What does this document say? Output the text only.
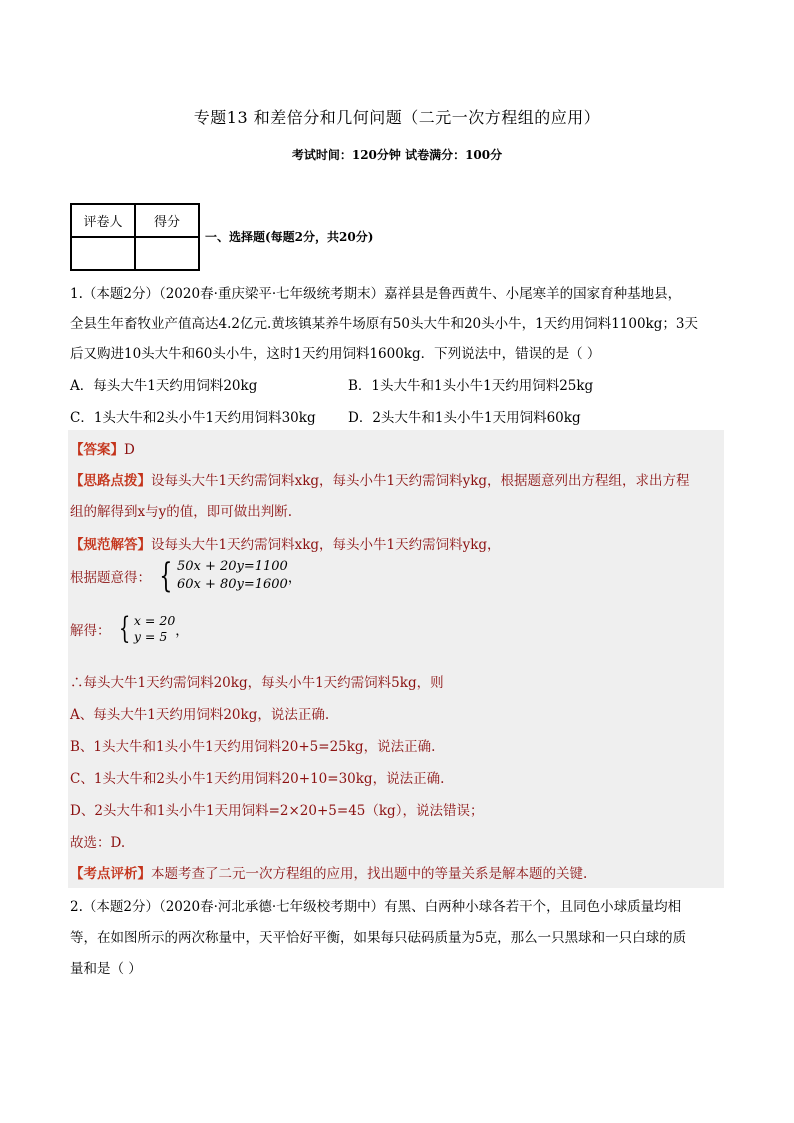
专题13 和差倍分和几何问题（二元一次方程组的应用）
考试时间：120分钟 试卷满分：100分
评卷人	得分

一、选择题(每题2分，共20分)
1.（本题2分）（2020春·重庆梁平·七年级统考期末）嘉祥县是鲁西黄牛、小尾寒羊的国家育种基地县，
全县生年畜牧业产值高达4.2亿元.黄垓镇某养牛场原有50头大牛和20头小牛，1天约用饲料1100kg；3天
后又购进10头大牛和60头小牛，这时1天约用饲料1600kg．下列说法中，错误的是（ ）
A．每头大牛1天约用饲料20kg	B．1头大牛和1头小牛1天约用饲料25kg
C．1头大牛和2头小牛1天约用饲料30kg D．2头大牛和1头小牛1天用饲料60kg
【答案】D
【思路点拨】设每头大牛1天约需饲料xkg，每头小牛1天约需饲料ykg，根据题意列出方程组，求出方程
组的解得到x与y的值，即可做出判断.
【规范解答】设每头大牛1天约需饲料xkg，每头小牛1天约需饲料ykg，
根据题意得： { 50x + 20y=1100
60x + 80y=1600 ，
解得： { x = 20
y = 5 ，
∴每头大牛1天约需饲料20kg，每头小牛1天约需饲料5kg，则
A、每头大牛1天约用饲料20kg，说法正确.
B、1头大牛和1头小牛1天约用饲料20+5=25kg，说法正确.
C、1头大牛和2头小牛1天约用饲料20+10=30kg，说法正确.
D、2头大牛和1头小牛1天用饲料=2×20+5=45（kg），说法错误；
故选：D.
【考点评析】本题考查了二元一次方程组的应用，找出题中的等量关系是解本题的关键.
2.（本题2分）（2020春·河北承德·七年级校考期中）有黑、白两种小球各若干个，且同色小球质量均相
等，在如图所示的两次称量中，天平恰好平衡，如果每只砝码质量为5克，那么一只黑球和一只白球的质
量和是（ ）
